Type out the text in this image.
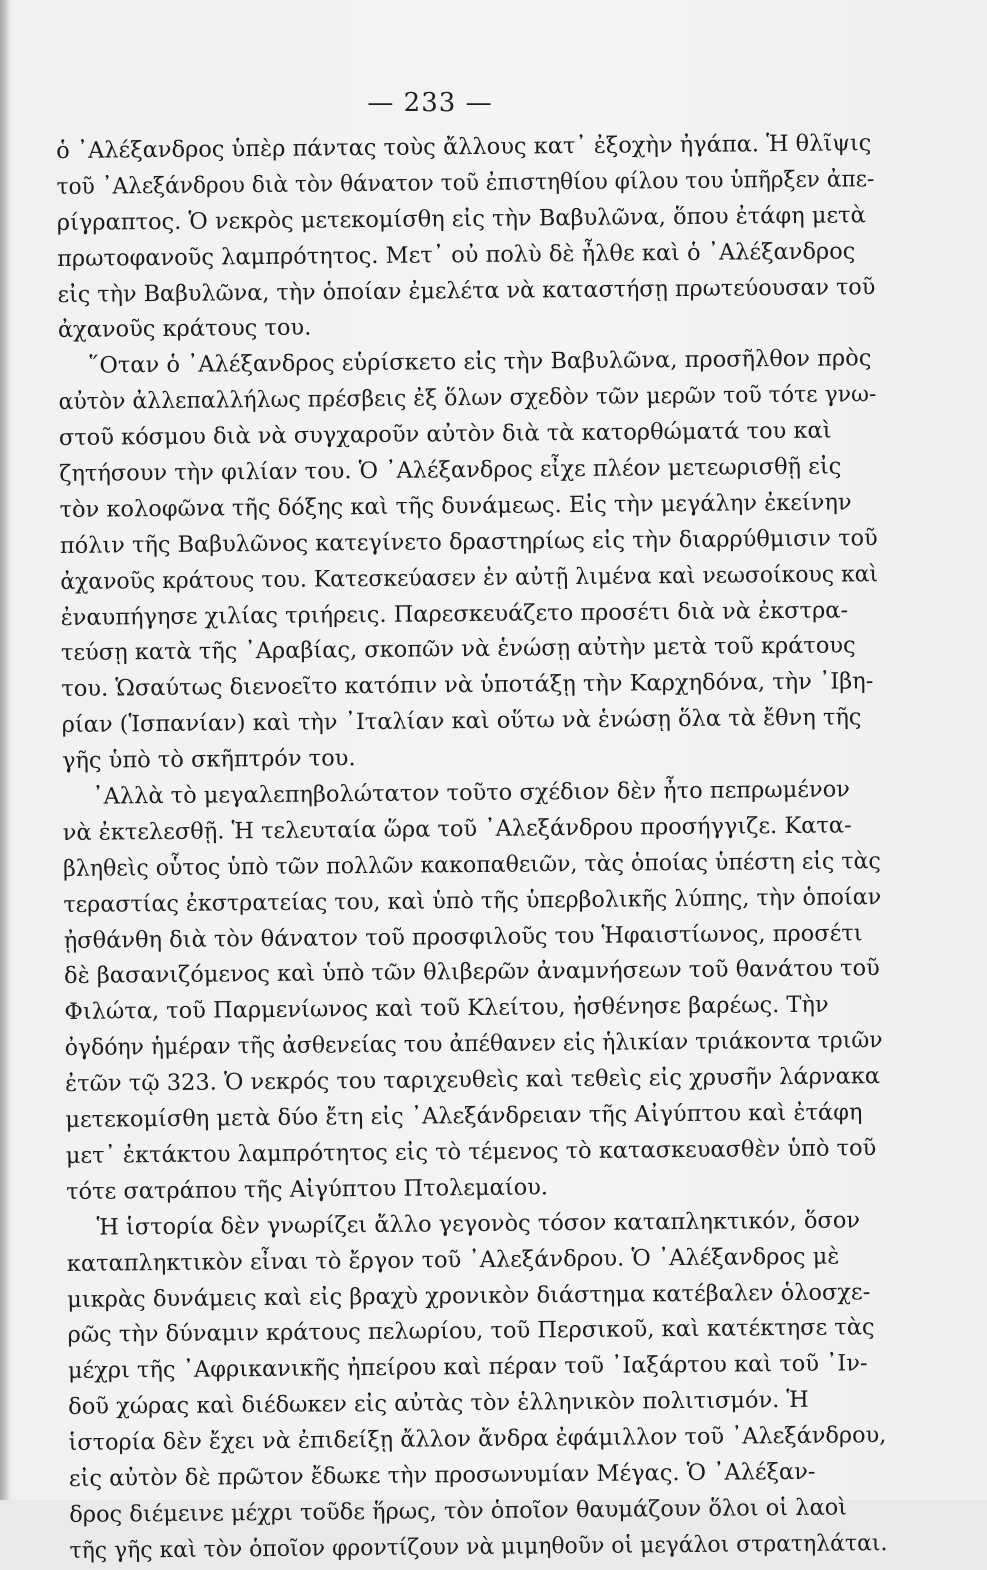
— 233 —
ὁ ᾽Αλέξανδρος ὑπὲρ πάντας τοὺς ἄλλους κατ᾽ ἐξοχὴν ἠγάπα. Ἡ θλῖψις
τοῦ ᾽Αλεξάνδρου διὰ τὸν θάνατον τοῦ ἐπιστηθίου φίλου του ὑπῆρξεν ἀπε-
ρίγραπτος. Ὁ νεκρὸς μετεκομίσθη εἰς τὴν Βαβυλῶνα, ὅπου ἐτάφη μετὰ
πρωτοφανοῦς λαμπρότητος. Μετ᾽ οὐ πολὺ δὲ ἦλθε καὶ ὁ ᾽Αλέξανδρος
εἰς τὴν Βαβυλῶνα, τὴν ὁποίαν ἐμελέτα νὰ καταστήσῃ πρωτεύουσαν τοῦ
ἀχανοῦς κράτους του.
῞Οταν ὁ ᾽Αλέξανδρος εὑρίσκετο εἰς τὴν Βαβυλῶνα, προσῆλθον πρὸς
αὐτὸν ἀλλεπαλλήλως πρέσβεις ἐξ ὅλων σχεδὸν τῶν μερῶν τοῦ τότε γνω-
στοῦ κόσμου διὰ νὰ συγχαροῦν αὐτὸν διὰ τὰ κατορθώματά του καὶ
ζητήσουν τὴν φιλίαν του. Ὁ ᾽Αλέξανδρος εἶχε πλέον μετεωρισθῇ εἰς
τὸν κολοφῶνα τῆς δόξης καὶ τῆς δυνάμεως. Εἰς τὴν μεγάλην ἐκείνην
πόλιν τῆς Βαβυλῶνος κατεγίνετο δραστηρίως εἰς τὴν διαρρύθμισιν τοῦ
ἀχανοῦς κράτους του. Κατεσκεύασεν ἐν αὐτῇ λιμένα καὶ νεωσοίκους καὶ
ἐναυπήγησε χιλίας τριήρεις. Παρεσκευάζετο προσέτι διὰ νὰ ἐκστρα-
τεύσῃ κατὰ τῆς ᾽Αραβίας, σκοπῶν νὰ ἑνώσῃ αὐτὴν μετὰ τοῦ κράτους
του. Ὡσαύτως διενοεῖτο κατόπιν νὰ ὑποτάξῃ τὴν Καρχηδόνα, τὴν ᾽Ιβη-
ρίαν (Ἱσπανίαν) καὶ τὴν ᾽Ιταλίαν καὶ οὕτω νὰ ἑνώσῃ ὅλα τὰ ἔθνη τῆς
γῆς ὑπὸ τὸ σκῆπτρόν του.
᾽Αλλὰ τὸ μεγαλεπηβολώτατον τοῦτο σχέδιον δὲν ἦτο πεπρωμένον
νὰ ἐκτελεσθῇ. Ἡ τελευταία ὥρα τοῦ ᾽Αλεξάνδρου προσήγγιζε. Κατα-
βληθεὶς οὗτος ὑπὸ τῶν πολλῶν κακοπαθειῶν, τὰς ὁποίας ὑπέστη εἰς τὰς
τεραστίας ἐκστρατείας του, καὶ ὑπὸ τῆς ὑπερβολικῆς λύπης, τὴν ὁποίαν
ᾐσθάνθη διὰ τὸν θάνατον τοῦ προσφιλοῦς του Ἡφαιστίωνος, προσέτι
δὲ βασανιζόμενος καὶ ὑπὸ τῶν θλιβερῶν ἀναμνήσεων τοῦ θανάτου τοῦ
Φιλώτα, τοῦ Παρμενίωνος καὶ τοῦ Κλείτου, ἠσθένησε βαρέως. Τὴν
ὀγδόην ἡμέραν τῆς ἀσθενείας του ἀπέθανεν εἰς ἡλικίαν τριάκοντα τριῶν
ἐτῶν τῷ 323. Ὁ νεκρός του ταριχευθεὶς καὶ τεθεὶς εἰς χρυσῆν λάρνακα
μετεκομίσθη μετὰ δύο ἔτη εἰς ᾽Αλεξάνδρειαν τῆς Αἰγύπτου καὶ ἐτάφη
μετ᾽ ἐκτάκτου λαμπρότητος εἰς τὸ τέμενος τὸ κατασκευασθὲν ὑπὸ τοῦ
τότε σατράπου τῆς Αἰγύπτου Πτολεμαίου.
Ἡ ἱστορία δὲν γνωρίζει ἄλλο γεγονὸς τόσον καταπληκτικόν, ὅσον
καταπληκτικὸν εἶναι τὸ ἔργον τοῦ ᾽Αλεξάνδρου. Ὁ ᾽Αλέξανδρος μὲ
μικρὰς δυνάμεις καὶ εἰς βραχὺ χρονικὸν διάστημα κατέβαλεν ὁλοσχε-
ρῶς τὴν δύναμιν κράτους πελωρίου, τοῦ Περσικοῦ, καὶ κατέκτησε τὰς
μέχρι τῆς ᾽Αφρικανικῆς ἠπείρου καὶ πέραν τοῦ ᾽Ιαξάρτου καὶ τοῦ ᾽Ιν-
δοῦ χώρας καὶ διέδωκεν εἰς αὐτὰς τὸν ἑλληνικὸν πολιτισμόν. Ἡ
ἱστορία δὲν ἔχει νὰ ἐπιδείξῃ ἄλλον ἄνδρα ἐφάμιλλον τοῦ ᾽Αλεξάνδρου,
εἰς αὐτὸν δὲ πρῶτον ἔδωκε τὴν προσωνυμίαν Μέγας. Ὁ ᾽Αλέξαν-
δρος διέμεινε μέχρι τοῦδε ἥρως, τὸν ὁποῖον θαυμάζουν ὅλοι οἱ λαοὶ
τῆς γῆς καὶ τὸν ὁποῖον φροντίζουν νὰ μιμηθοῦν οἱ μεγάλοι στρατηλάται.
